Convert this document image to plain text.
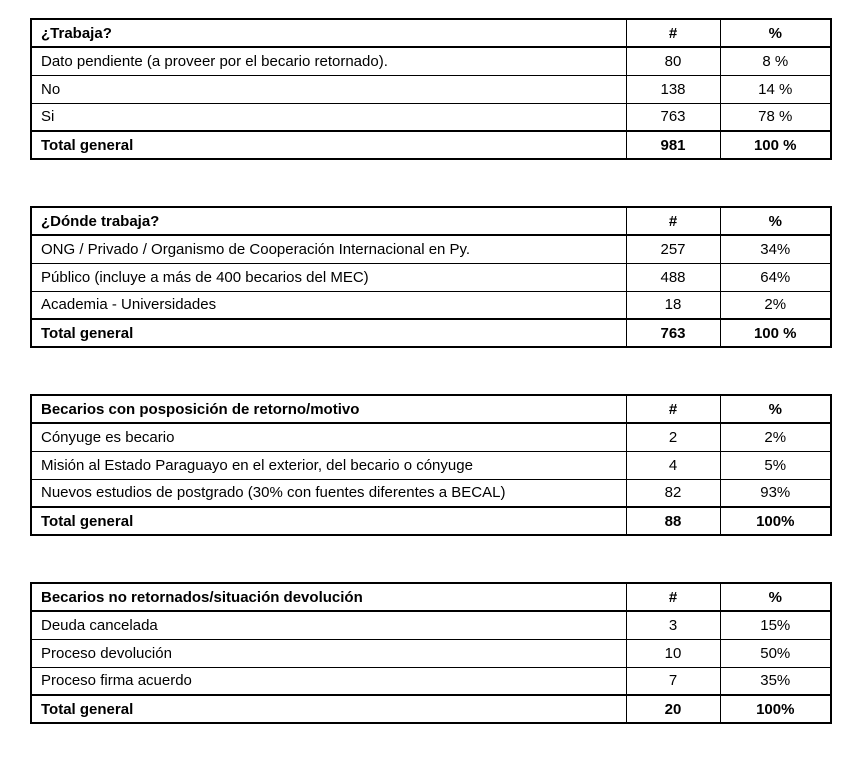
¿Trabaja?	#	%
Dato pendiente (a proveer por el becario retornado).	80	8 %
No	138	14 %
Si	763	78 %
Total general	981	100 %
¿Dónde trabaja?	#	%
ONG / Privado / Organismo de Cooperación Internacional en Py.	257	34%
Público (incluye a más de 400 becarios del MEC)	488	64%
Academia - Universidades	18	2%
Total general	763	100 %
Becarios con posposición de retorno/motivo	#	%
Cónyuge es becario	2	2%
Misión al Estado Paraguayo en el exterior, del becario o cónyuge	4	5%
Nuevos estudios de postgrado (30% con fuentes diferentes a BECAL)	82	93%
Total general	88	100%
Becarios no retornados/situación devolución	#	%
Deuda cancelada	3	15%
Proceso devolución	10	50%
Proceso firma acuerdo	7	35%
Total general	20	100%
